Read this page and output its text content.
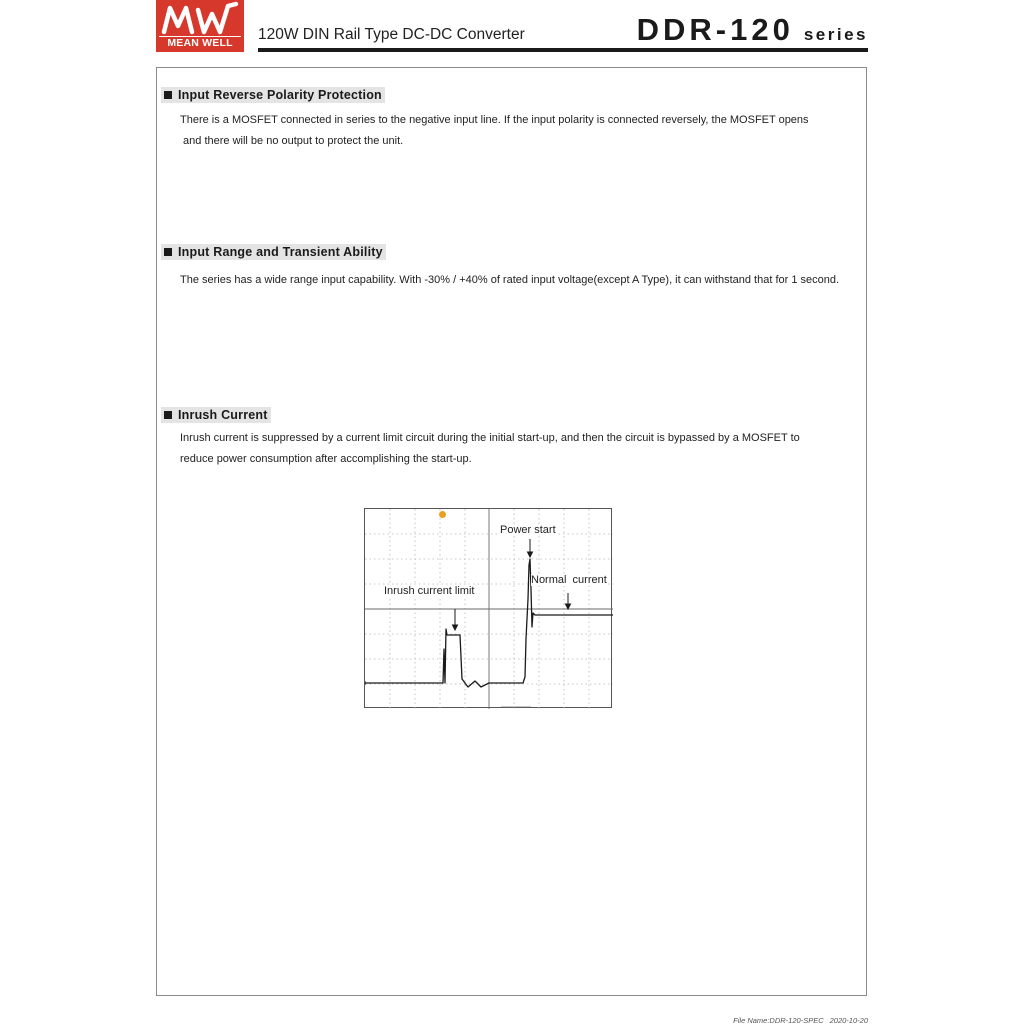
MEAN WELL	120W DIN Rail Type DC-DC Converter	DDR-120 series
Input Reverse Polarity Protection
There is a MOSFET connected in series to the negative input line. If the input polarity is connected reversely, the MOSFET opens
and there will be no output to protect the unit.
Input Range and Transient Ability
The series has a wide range input capability. With -30% / +40% of rated input voltage(except A Type), it can withstand that for 1 second.
Inrush Current
Inrush current is suppressed by a current limit circuit during the initial start-up, and then the circuit is bypassed by a MOSFET to
reduce power consumption after accomplishing the start-up.
Power start
Normal  current
Inrush current limit
File Name:DDR-120-SPEC 2020-10-20
